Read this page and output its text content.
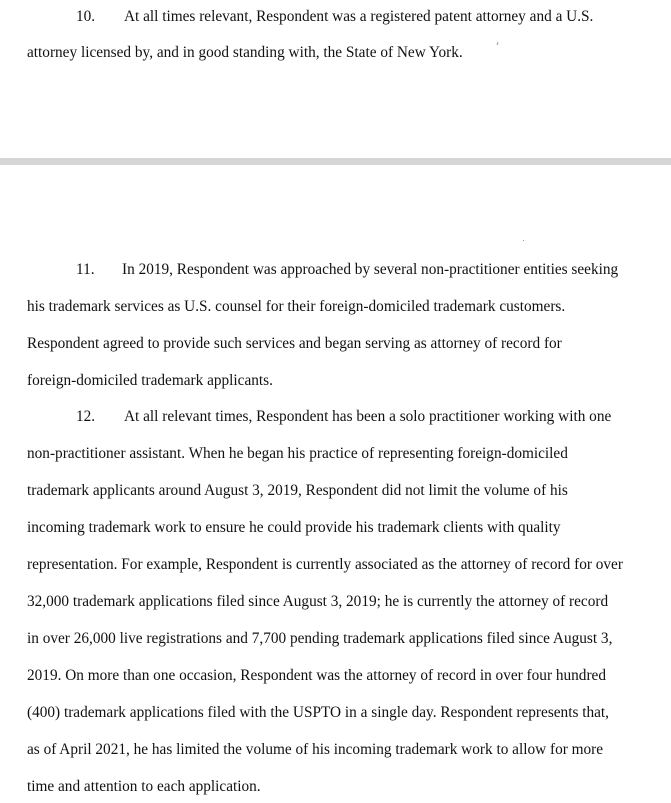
10. At all times relevant, Respondent was a registered patent attorney and a U.S.
attorney licensed by, and in good standing with, the State of New York.
11. In 2019, Respondent was approached by several non-practitioner entities seeking
his trademark services as U.S. counsel for their foreign-domiciled trademark customers.
Respondent agreed to provide such services and began serving as attorney of record for
foreign-domiciled trademark applicants.
12. At all relevant times, Respondent has been a solo practitioner working with one
non-practitioner assistant. When he began his practice of representing foreign-domiciled
trademark applicants around August 3, 2019, Respondent did not limit the volume of his
incoming trademark work to ensure he could provide his trademark clients with quality
representation. For example, Respondent is currently associated as the attorney of record for over
32,000 trademark applications filed since August 3, 2019; he is currently the attorney of record
in over 26,000 live registrations and 7,700 pending trademark applications filed since August 3,
2019. On more than one occasion, Respondent was the attorney of record in over four hundred
(400) trademark applications filed with the USPTO in a single day. Respondent represents that,
as of April 2021, he has limited the volume of his incoming trademark work to allow for more
time and attention to each application.
